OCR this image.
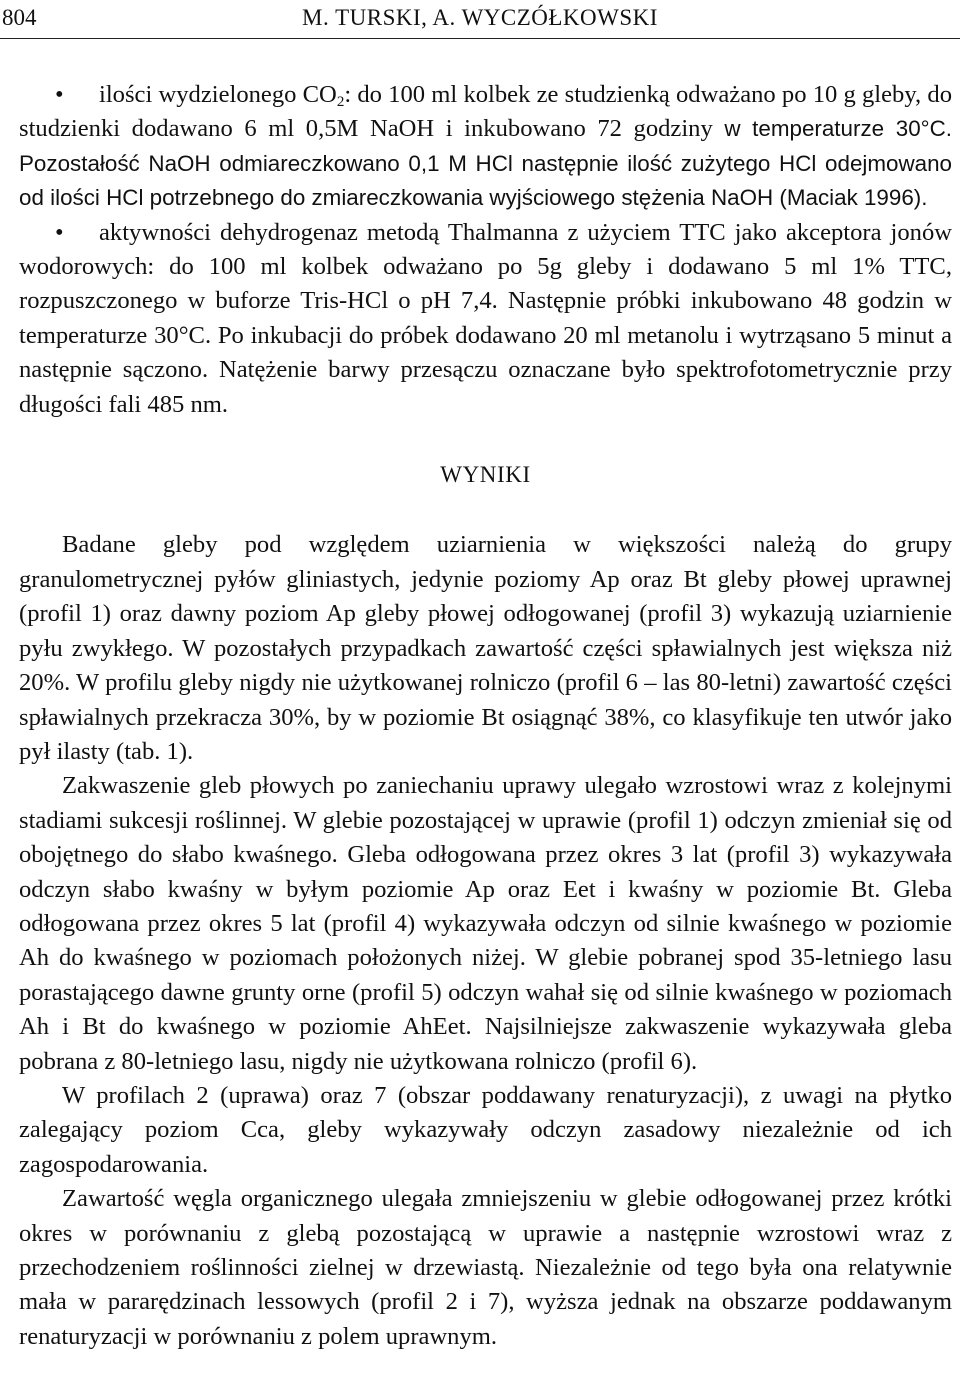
804	M. TURSKI, A. WYCZÓŁKOWSKI

• ilości wydzielonego $CO_2$: do 100 ml kolbek ze studzienką odważano po 10 g gleby, do studzienki dodawano 6 ml 0,5M NaOH i inkubowano 72 godziny w temperaturze 30°C. Pozostałość NaOH odmiareczkowano 0,1 M HCl następnie ilość zużytego HCl odejmowano od ilości HCl potrzebnego do zmiareczkowania wyjściowego stężenia NaOH (Maciak 1996).

• aktywności dehydrogenaz metodą Thalmanna z użyciem TTC jako akceptora jonów wodorowych: do 100 ml kolbek odważano po 5g gleby i dodawano 5 ml 1% TTC, rozpuszczonego w buforze Tris-HCl o pH 7,4. Następnie próbki inkubowano 48 godzin w temperaturze 30°C. Po inkubacji do próbek dodawano 20 ml metanolu i wytrząsano 5 minut a następnie sączono. Natężenie barwy przesączu oznaczane było spektrofotometrycznie przy długości fali 485 nm.

WYNIKI

Badane gleby pod względem uziarnienia w większości należą do grupy granulometrycznej pyłów gliniastych, jedynie poziomy Ap oraz Bt gleby płowej uprawnej (profil 1) oraz dawny poziom Ap gleby płowej odłogowanej (profil 3) wykazują uziarnienie pyłu zwykłego. W pozostałych przypadkach zawartość części spławialnych jest większa niż 20%. W profilu gleby nigdy nie użytkowanej rolniczo (profil 6 – las 80-letni) zawartość części spławialnych przekracza 30%, by w poziomie Bt osiągnąć 38%, co klasyfikuje ten utwór jako pył ilasty (tab. 1).

Zakwaszenie gleb płowych po zaniechaniu uprawy ulegało wzrostowi wraz z kolejnymi stadiami sukcesji roślinnej. W glebie pozostającej w uprawie (profil 1) odczyn zmieniał się od obojętnego do słabo kwaśnego. Gleba odłogowana przez okres 3 lat (profil 3) wykazywała odczyn słabo kwaśny w byłym poziomie Ap oraz Eet i kwaśny w poziomie Bt. Gleba odłogowana przez okres 5 lat (profil 4) wykazywała odczyn od silnie kwaśnego w poziomie Ah do kwaśnego w poziomach położonych niżej. W glebie pobranej spod 35-letniego lasu porastającego dawne grunty orne (profil 5) odczyn wahał się od silnie kwaśnego w poziomach Ah i Bt do kwaśnego w poziomie AhEet. Najsilniejsze zakwaszenie wykazywała gleba pobrana z 80-letniego lasu, nigdy nie użytkowana rolniczo (profil 6).

W profilach 2 (uprawa) oraz 7 (obszar poddawany renaturyzacji), z uwagi na płytko zalegający poziom Cca, gleby wykazywały odczyn zasadowy niezależnie od ich zagospodarowania.

Zawartość węgla organicznego ulegała zmniejszeniu w glebie odłogowanej przez krótki okres w porównaniu z glebą pozostającą w uprawie a następnie wzrostowi wraz z przechodzeniem roślinności zielnej w drzewiastą. Niezależnie od tego była ona relatywnie mała w pararędzinach lessowych (profil 2 i 7), wyższa jednak na obszarze poddawanym renaturyzacji w porównaniu z polem uprawnym.
